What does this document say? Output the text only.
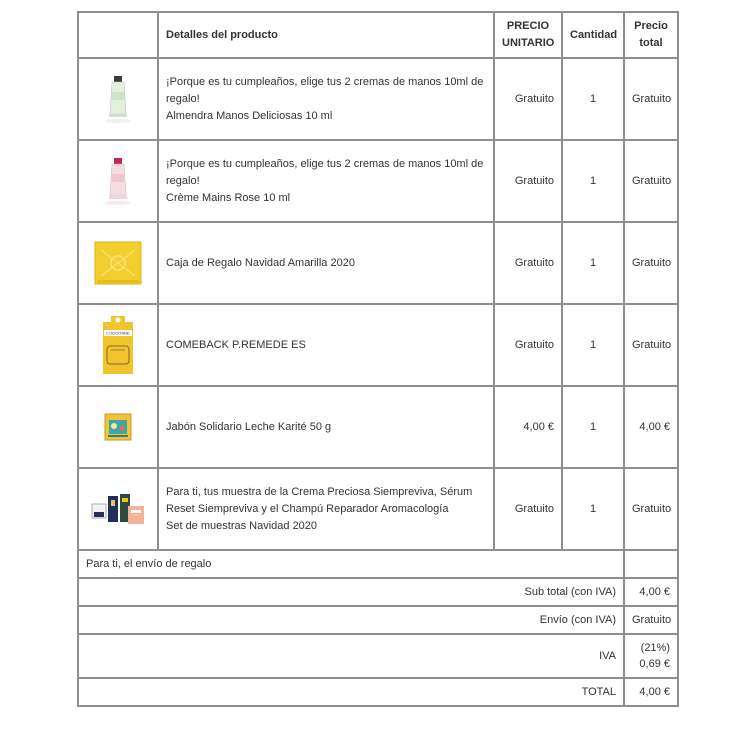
	Detalles del producto	PRECIO
UNITARIO	Cantidad	Precio
total
	¡Porque es tu cumpleaños, elige tus 2 cremas de manos 10ml de
regalo!
Almendra Manos Deliciosas 10 ml	Gratuito	1	Gratuito
	¡Porque es tu cumpleaños, elige tus 2 cremas de manos 10ml de
regalo!
Crème Mains Rose 10 ml	Gratuito	1	Gratuito
	Caja de Regalo Navidad Amarilla 2020	Gratuito	1	Gratuito

L'OCCITANE	COMEBACK P.REMEDE ES	Gratuito	1	Gratuito
	Jabón Solidario Leche Karité 50 g	4,00 €	1	4,00 €
	Para ti, tus muestra de la Crema Preciosa Siempreviva, Sérum
Reset Siempreviva y el Champú Reparador Aromacología
Set de muestras Navidad 2020	Gratuito	1	Gratuito
Para ti, el envío de regalo				
Sub total (con IVA)				4,00 €
Envío (con IVA)				Gratuito
IVA				(21%)
0,69 €
TOTAL				4,00 €
